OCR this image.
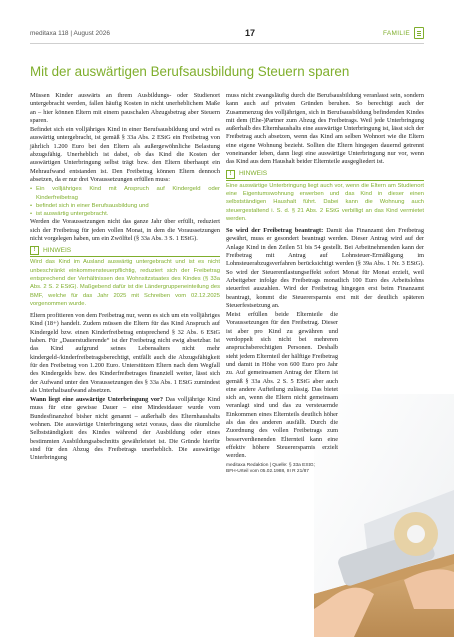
meditaxa 118 | August 2026	17	FAMILIE
Mit der auswärtigen Berufsausbildung Steuern sparen

Müssen Kinder auswärts an ihrem Ausbildungs- oder Studienort untergebracht werden, fallen häufig Kosten in nicht unerheblichem Maße an – hier können Eltern mit einem pauschalen Abzugsbetrag aber Steuern sparen.

Befindet sich ein volljähriges Kind in einer Berufsausbildung und wird es auswärtig untergebracht, ist gemäß § 33a Abs. 2 EStG ein Freibetrag von jährlich 1.200 Euro bei den Eltern als außergewöhnliche Belastung abzugsfähig. Unerheblich ist dabei, ob das Kind die Kosten der auswärtigen Unterbringung selbst trägt bzw. den Eltern überhaupt ein Mehraufwand entstanden ist. Den Freibetrag können Eltern dennoch absetzen, da er nur drei Voraussetzungen erfüllen muss:

• Ein volljähriges Kind mit Anspruch auf Kindergeld oder Kinderfreibetrag
• befindet sich in einer Berufsausbildung und
• ist auswärtig untergebracht.

Werden die Voraussetzungen nicht das ganze Jahr über erfüllt, reduziert sich der Freibetrag für jeden vollen Monat, in dem die Voraussetzungen nicht vorgelegen haben, um ein Zwölftel (§ 33a Abs. 3 S. 1 EStG).

!	HINWEIS
Wird das Kind im Ausland auswärtig untergebracht und ist es nicht unbeschränkt einkommensteuerpflichtig, reduziert sich der Freibetrag entsprechend der Verhältnissen des Wohnsitzstaates des Kindes (§ 33a Abs. 2 S. 2 EStG). Maßgebend dafür ist die Ländergruppeneinteilung des BMF, welche für das Jahr 2025 mit Schreiben vom 02.12.2025 vorgenommen wurde.

Eltern profitieren von dem Freibetrag nur, wenn es sich um ein volljähriges Kind (18+) handelt. Zudem müssen die Eltern für das Kind Anspruch auf Kindergeld bzw. einen Kinderfreibetrag entsprechend § 32 Abs. 6 EStG haben. Für „Dauerstudierende“ ist der Freibetrag nicht ewig absetzbar. Ist das Kind aufgrund seines Lebensalters nicht mehr kindergeld-/kinderfreibetragsberechtigt, entfällt auch die Abzugsfähigkeit für den Freibetrag von 1.200 Euro. Unterstützen Eltern nach dem Wegfall des Kindergelds bzw. des Kinderfreibetrages finanziell weiter, lässt sich der Aufwand unter den Voraussetzungen des § 33a Abs. 1 EStG zumindest als Unterhaltsaufwand absetzen.

Wann liegt eine auswärtige Unterbringung vor? Das volljährige Kind muss für eine gewisse Dauer – eine Mindestdauer wurde vom Bundesfinanzhof bisher nicht genannt – außerhalb des Elternhaushalts wohnen. Die auswärtige Unterbringung setzt voraus, dass die räumliche Selbstständigkeit des Kindes während der Ausbildung oder eines bestimmten Ausbildungsabschnitts gewährleistet ist. Die Gründe hierfür sind für den Abzug des Freibetrags unerheblich. Die auswärtige Unterbringung

muss nicht zwangsläufig durch die Berufsausbildung veranlasst sein, sondern kann auch auf privaten Gründen beruhen. So berechtigt auch der Zusammenzug des volljährigen, sich in Berufsausbildung befindenden Kindes mit dem (Ehe-)Partner zum Abzug des Freibetrags. Weil jede Unterbringung außerhalb des Elternhaushalts eine auswärtige Unterbringung ist, lässt sich der Freibetrag auch absetzen, wenn das Kind am selben Wohnort wie die Eltern eine eigene Wohnung bezieht. Sollten die Eltern hingegen dauernd getrennt voneinander leben, dann liegt eine auswärtige Unterbringung nur vor, wenn das Kind aus dem Haushalt beider Elternteile ausgegliedert ist.

!	HINWEIS
Eine auswärtige Unterbringung liegt auch vor, wenn die Eltern am Studienort eine Eigentumswohnung erwerben und das Kind in dieser einen selbstständigen Haushalt führt. Dabei kann die Wohnung auch steuergestaltend i. S. d. § 21 Abs. 2 EStG verbilligt an das Kind vermietet werden.

So wird der Freibetrag beantragt: Damit das Finanzamt den Freibetrag gewährt, muss er gesondert beantragt werden. Dieser Antrag wird auf der Anlage Kind in den Zeilen 51 bis 54 gestellt. Bei Arbeitnehmenden kann der Freibetrag mit Antrag auf Lohnsteuer-Ermäßigung im Lohnsteuerabzugsverfahren berücksichtigt werden (§ 39a Abs. 1 Nr. 3 EStG). So wird der Steuerentlastungseffekt sofort Monat für Monat erzielt, weil Arbeitgeber infolge des Freibetrags monatlich 100 Euro des Arbeitslohns steuerfrei auszahlen. Wird der Freibetrag hingegen erst beim Finanzamt beantragt, kommt die Steuerersparnis erst mit der deutlich späteren Steuerfestsetzung an.

Meist erfüllen beide Elternteile die Voraussetzungen für den Freibetrag. Dieser ist aber pro Kind zu gewähren und verdoppelt sich nicht bei mehreren anspruchsberechtigten Personen. Deshalb steht jedem Elternteil der hälftige Freibetrag und damit in Höhe von 600 Euro pro Jahr zu. Auf gemeinsamen Antrag der Eltern ist gemäß § 33a Abs. 2 S. 5 EStG aber auch eine andere Aufteilung zulässig. Das bietet sich an, wenn die Eltern nicht gemeinsam veranlagt sind und das zu versteuernde Einkommen eines Elternteils deutlich höher als das des anderen ausfällt. Durch die Zuordnung des vollen Freibetrags zum besserverdienenden Elternteil kann eine effektiv höhere Steuerersparnis erzielt werden.

meditaxa Redaktion | Quelle: § 33a EStG;
BFH-Urteil vom 05.02.1988, III R 21/87
